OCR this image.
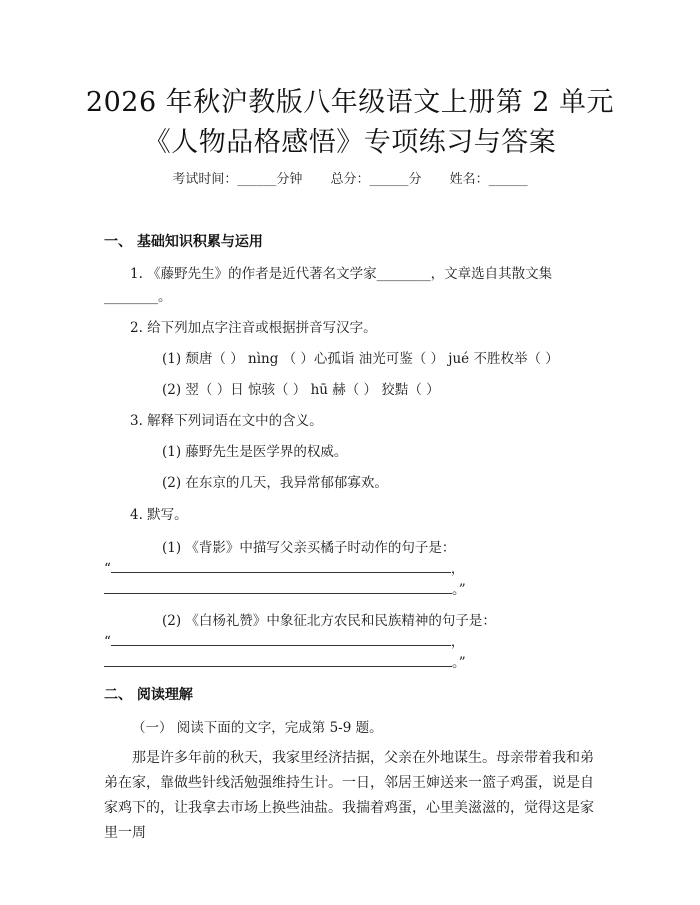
2026 年秋沪教版八年级语文上册第 2 单元
《人物品格感悟》专项练习与答案
考试时间：______分钟 总分：______分 姓名：______
一、 基础知识积累与运用
1. 《藤野先生》的作者是近代著名文学家________，文章选自其散文集
________。
2. 给下列加点字注音或根据拼音写汉字。
(1) 颓唐（ ） nìng （ ）心孤诣 油光可鉴（ ） jué 不胜枚举（ ）
(2) 翌（ ）日 惊骇（ ） hū 赫（ ） 狡黠（ ）
3. 解释下列词语在文中的含义。
(1) 藤野先生是医学界的权威。
(2) 在东京的几天，我异常郁郁寡欢。
4. 默写。
(1) 《背影》中描写父亲买橘子时动作的句子是：
“	，
。”
(2) 《白杨礼赞》中象征北方农民和民族精神的句子是：
“	，
。”
二、 阅读理解
（一） 阅读下面的文字，完成第 5-9 题。
那是许多年前的秋天，我家里经济拮据，父亲在外地谋生。母亲带着我和弟弟在家，靠做些针线活勉强维持生计。一日，邻居王婶送来一篮子鸡蛋，说是自家鸡下的，让我拿去市场上换些油盐。我揣着鸡蛋，心里美滋滋的，觉得这是家里一周
